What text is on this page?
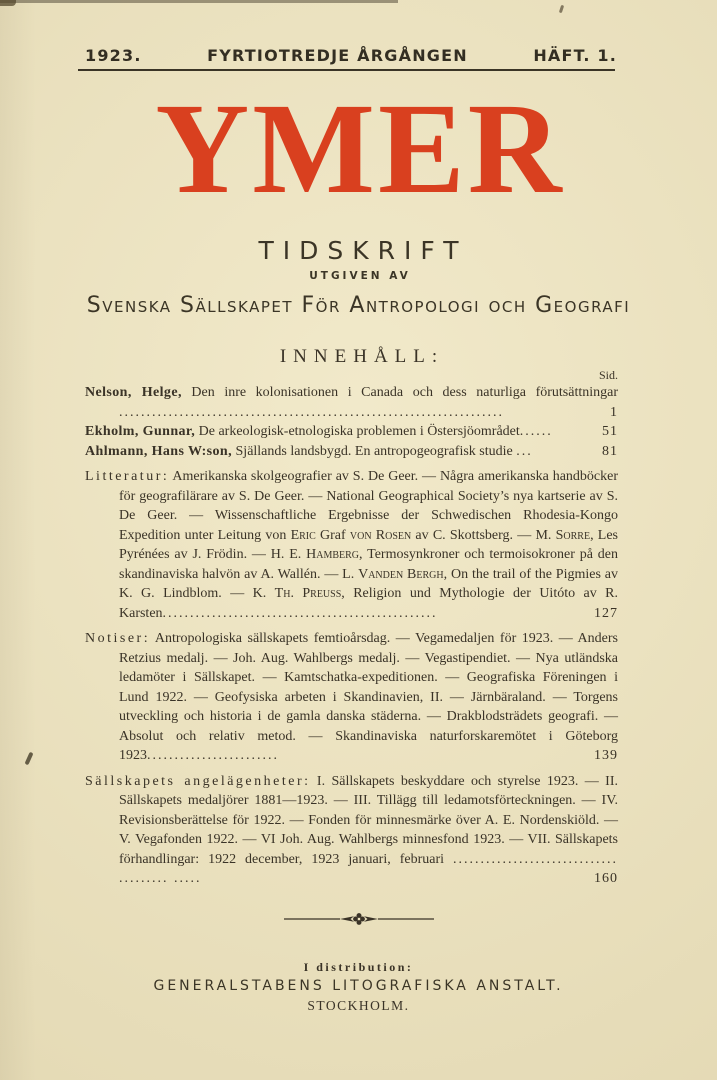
1923.	FYRTIOTREDJE ÅRGÅNGEN	HÄFT. 1.
YMER
TIDSKRIFT
UTGIVEN AV
Svenska Sällskapet För Antropologi och Geografi
INNEHÅLL:
Sid.
Nelson, Helge, Den inre kolonisationen i Canada och dess naturliga förutsättningar ......................................................................	1
Ekholm, Gunnar, De arkeologisk-etnologiska problemen i Östersjöområdet......	51
Ahlmann, Hans W:son, Själlands landsbygd. En antropogeografisk studie ...	81
Litteratur: Amerikanska skolgeografier av S. De Geer. — Några amerikanska handböcker för geografilärare av S. De Geer. — National Geographical Society’s nya kartserie av S. De Geer. — Wissenschaftliche Ergebnisse der Schwedischen Rhodesia-Kongo Expedition unter Leitung von Eric Graf von Rosen av C. Skottsberg. — M. Sorre, Les Pyrénées av J. Frödin. — H. E. Hamberg, Termosynkroner och termoisokroner på den skandinaviska halvön av A. Wallén. — L. Vanden Bergh, On the trail of the Pigmies av K. G. Lindblom. — K. Th. Preuss, Religion und Mythologie der Uitóto av R. Karsten..................................................	127
Notiser: Antropologiska sällskapets femtioårsdag. — Vegamedaljen för 1923. — Anders Retzius medalj. — Joh. Aug. Wahlbergs medalj. — Vegastipendiet. — Nya utländska ledamöter i Sällskapet. — Kamtschatka-expeditionen. — Geografiska Föreningen i Lund 1922. — Geofysiska arbeten i Skandinavien, II. — Järnbäraland. — Torgens utveckling och historia i de gamla danska städerna. — Drakblodsträdets geografi. — Absolut och relativ metod. — Skandinaviska naturforskaremötet i Göteborg 1923........................	139
Sällskapets angelägenheter: I. Sällskapets beskyddare och styrelse 1923. — II. Sällskapets medaljörer 1881—1923. — III. Tillägg till ledamotsförteckningen. — IV. Revisionsberättelse för 1922. — Fonden för minnesmärke över A. E. Nordenskiöld. — V. Vegafonden 1922. — VI Joh. Aug. Wahlbergs minnesfond 1923. — VII. Sällskapets förhandlingar: 1922 december, 1923 januari, februari .............................. ......... .....	160
I distribution:
GENERALSTABENS LITOGRAFISKA ANSTALT.
STOCKHOLM.
